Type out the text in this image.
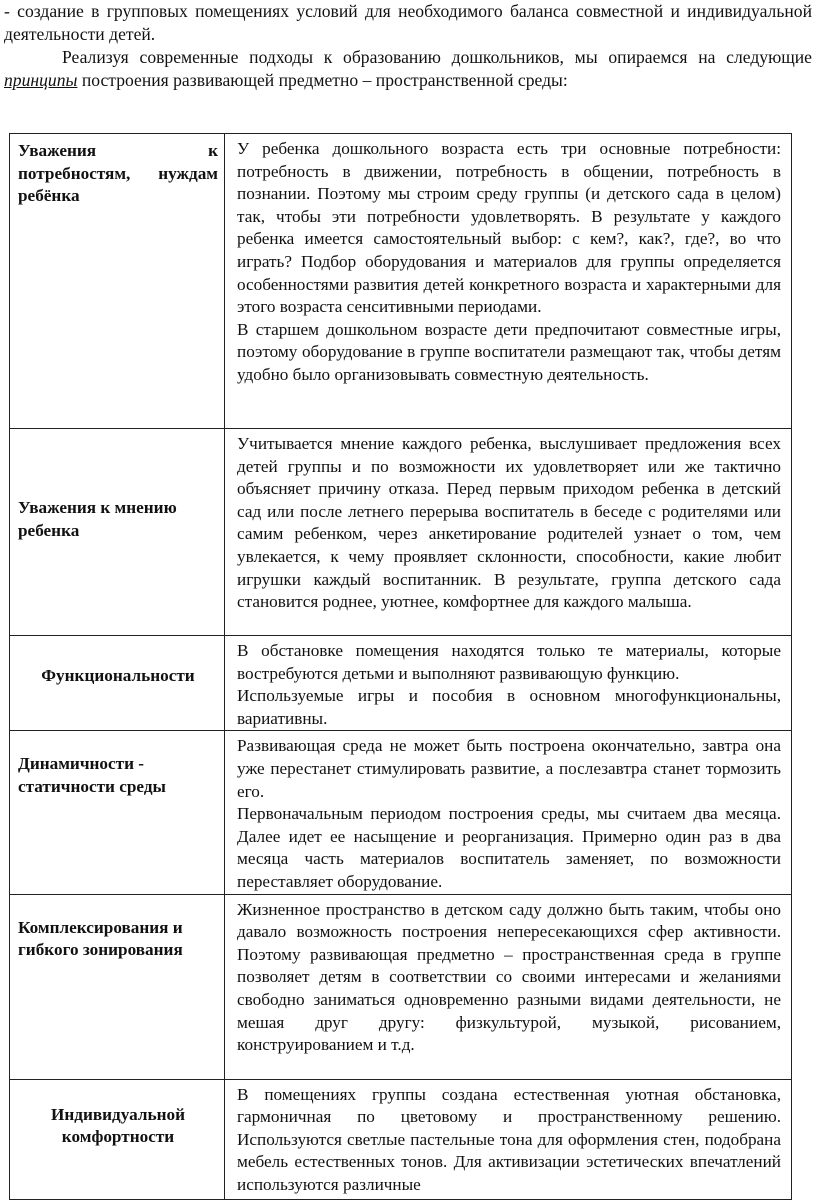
- создание в групповых помещениях условий для необходимого баланса совместной и индивидуальной деятельности детей.

Реализуя современные подходы к образованию дошкольников, мы опираемся на следующие принципы построения развивающей предметно – пространственной среды:

Уважения к потребностям, нуждам ребёнка	У ребенка дошкольного возраста есть три основные потребности: потребность в движении, потребность в общении, потребность в познании. Поэтому мы строим среду группы (и детского сада в целом) так, чтобы эти потребности удовлетворять. В результате у каждого ребенка имеется самостоятельный выбор: с кем?, как?, где?, во что играть? Подбор оборудования и материалов для группы определяется особенностями развития детей конкретного возраста и характерными для этого возраста сенситивными периодами.

В старшем дошкольном возрасте дети предпочитают совместные игры, поэтому оборудование в группе воспитатели размещают так, чтобы детям удобно было организовывать совместную деятельность.

Уважения к мнению ребенка	Учитывается мнение каждого ребенка, выслушивает предложения всех детей группы и по возможности их удовлетворяет или же тактично объясняет причину отказа. Перед первым приходом ребенка в детский сад или после летнего перерыва воспитатель в беседе с родителями или самим ребенком, через анкетирование родителей узнает о том, чем увлекается, к чему проявляет склонности, способности, какие любит игрушки каждый воспитанник. В результате, группа детского сада становится роднее, уютнее, комфортнее для каждого малыша.

Функциональности	В обстановке помещения находятся только те материалы, которые востребуются детьми и выполняют развивающую функцию.

Используемые игры и пособия в основном многофункциональны, вариативны.

Динамичности - статичности среды	Развивающая среда не может быть построена окончательно, завтра она уже перестанет стимулировать развитие, а послезавтра станет тормозить его.

Первоначальным периодом построения среды, мы считаем два месяца. Далее идет ее насыщение и реорганизация. Примерно один раз в два месяца часть материалов воспитатель заменяет, по возможности переставляет оборудование.

Комплексирования и гибкого зонирования	Жизненное пространство в детском саду должно быть таким, чтобы оно давало возможность построения непересекающихся сфер активности. Поэтому развивающая предметно – пространственная среда в группе позволяет детям в соответствии со своими интересами и желаниями свободно заниматься одновременно разными видами деятельности, не мешая друг другу: физкультурой, музыкой, рисованием, конструированием и т.д.

Индивидуальной комфортности	В помещениях группы создана естественная уютная обстановка, гармоничная по цветовому и пространственному решению. Используются светлые пастельные тона для оформления стен, подобрана мебель естественных тонов. Для активизации эстетических впечатлений используются различные
